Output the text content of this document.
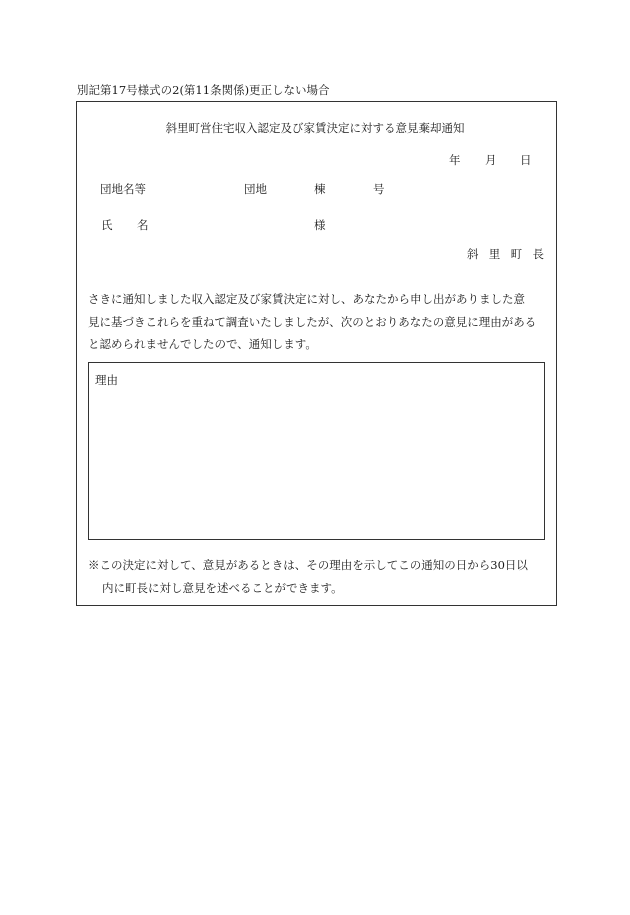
別記第17号様式の2(第11条関係)更正しない場合
斜里町営住宅収入認定及び家賃決定に対する意見棄却通知
年 月 日
団地名等	団地	棟	号
氏 名	様
斜里町長
さきに通知しました収入認定及び家賃決定に対し、あなたから申し出がありました意
見に基づきこれらを重ねて調査いたしましたが、次のとおりあなたの意見に理由がある
と認められませんでしたので、通知します。
理由
※この決定に対して、意見があるときは、その理由を示してこの通知の日から30日以
内に町長に対し意見を述べることができます。
